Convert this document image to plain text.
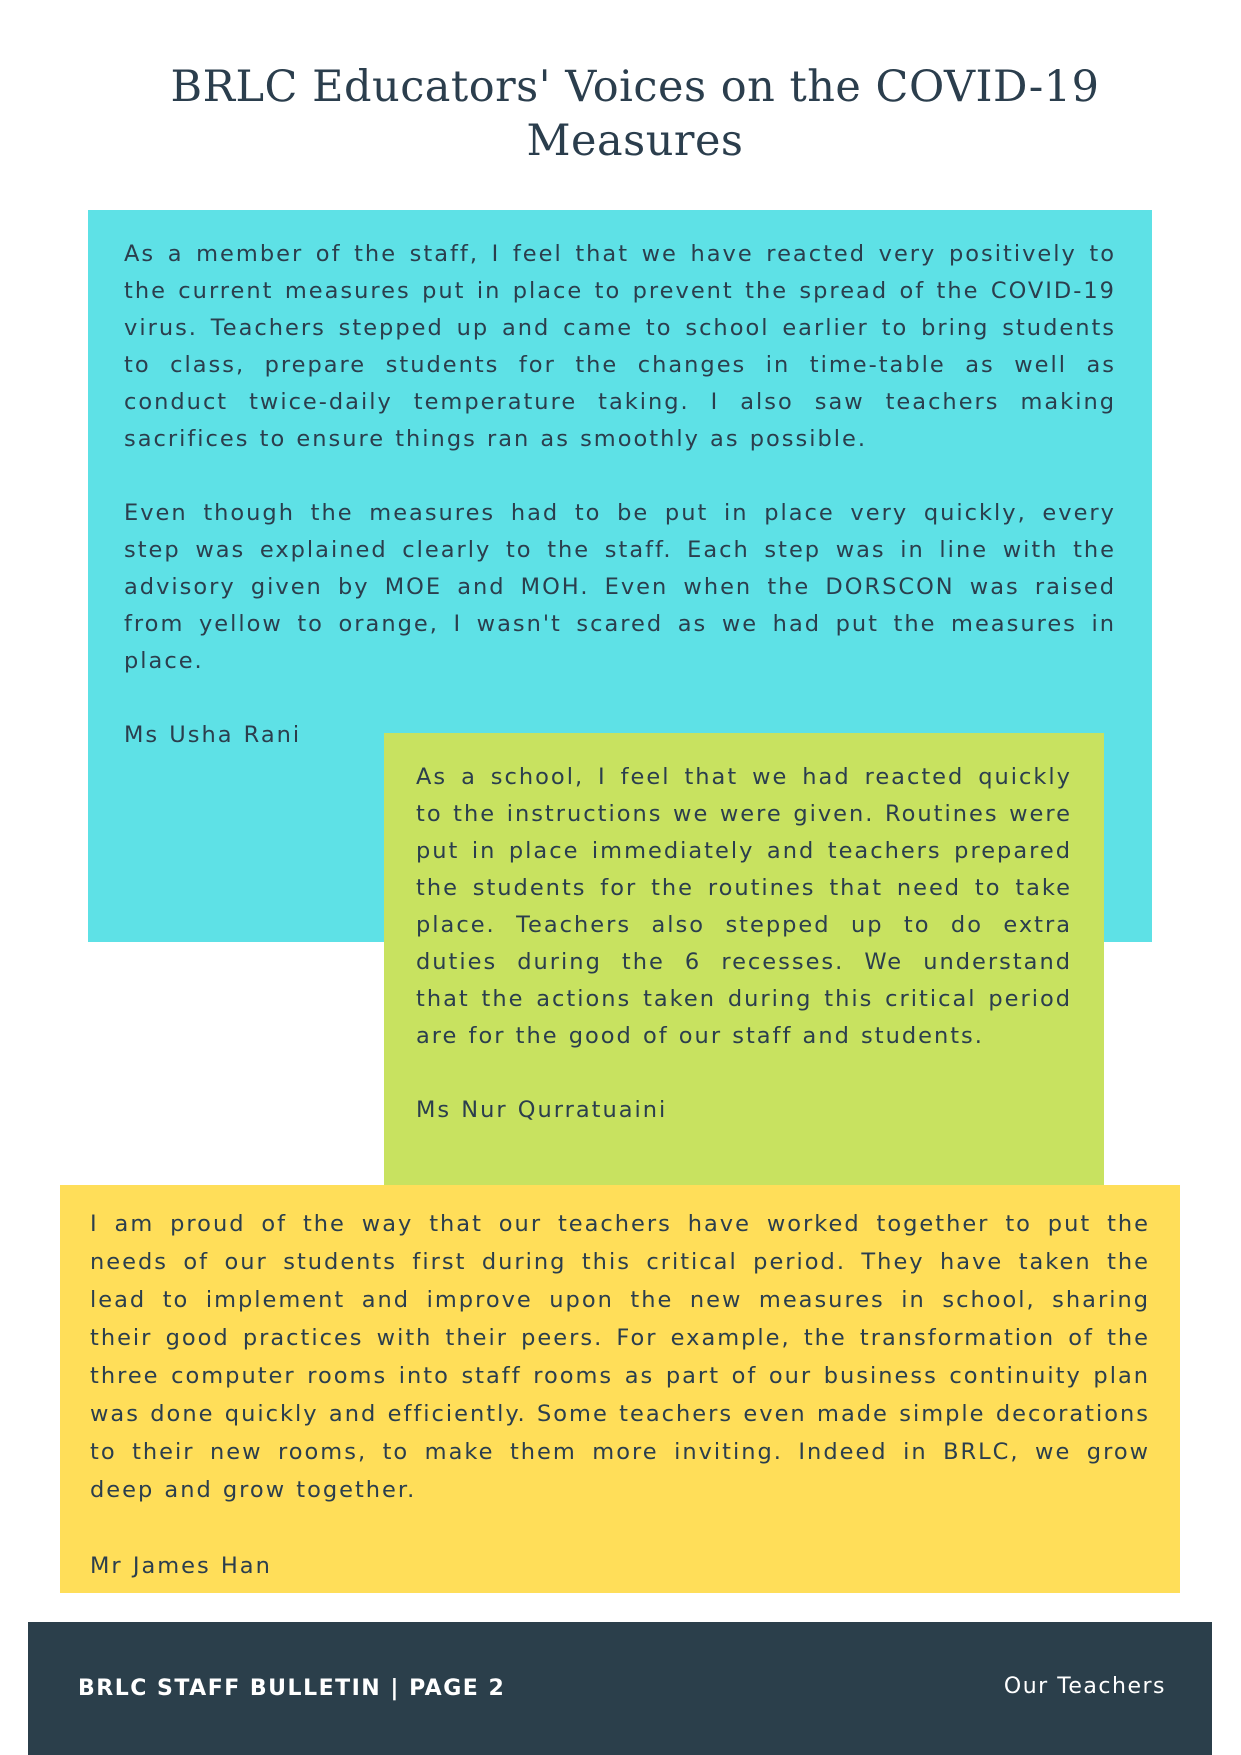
BRLC Educators' Voices on the COVID-19 Measures

As a member of the staff, I feel that we have reacted very positively to the current measures put in place to prevent the spread of the COVID-19 virus. Teachers stepped up and came to school earlier to bring students to class, prepare students for the changes in time-table as well as conduct twice-daily temperature taking. I also saw teachers making sacrifices to ensure things ran as smoothly as possible.

Even though the measures had to be put in place very quickly, every step was explained clearly to the staff. Each step was in line with the advisory given by MOE and MOH. Even when the DORSCON was raised from yellow to orange, I wasn't scared as we had put the measures in place.

Ms Usha Rani

As a school, I feel that we had reacted quickly to the instructions we were given. Routines were put in place immediately and teachers prepared the students for the routines that need to take place. Teachers also stepped up to do extra duties during the 6 recesses. We understand that the actions taken during this critical period are for the good of our staff and students.

Ms Nur Qurratuaini

I am proud of the way that our teachers have worked together to put the needs of our students first during this critical period. They have taken the lead to implement and improve upon the new measures in school, sharing their good practices with their peers. For example, the transformation of the three computer rooms into staff rooms as part of our business continuity plan was done quickly and efficiently. Some teachers even made simple decorations to their new rooms, to make them more inviting. Indeed in BRLC, we grow deep and grow together.

Mr James Han

BRLC STAFF BULLETIN | PAGE 2	Our Teachers
